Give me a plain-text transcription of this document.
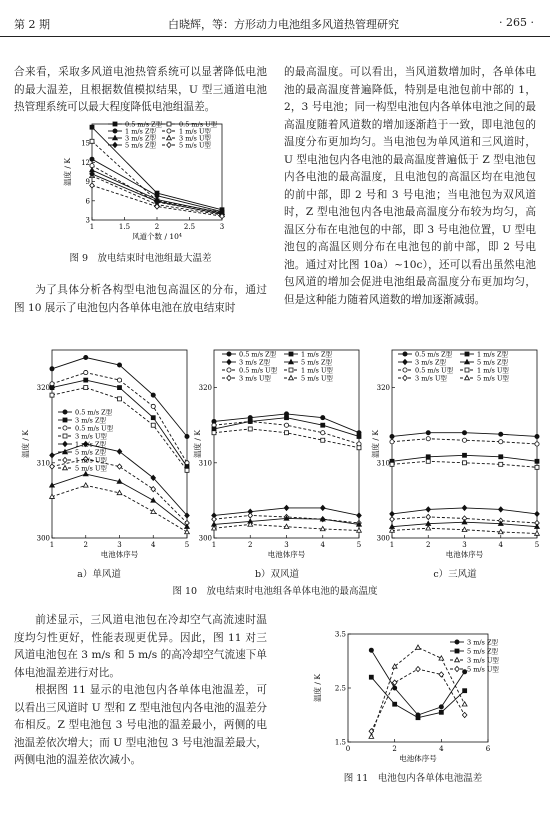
第 2 期	白晓辉，等：方形动力电池组多风道热管理研究	· 265 ·

合来看，采取多风道电池热管系统可以显著降低电池的最大温差，且根据数值模拟结果，U 型三通道电池热管理系统可以最大程度降低电池组温差。

1	1.5	2	2.5	3
3
6
9
12
15
风道个数 / 10⁴
温度 / K
0.5 m/s Z型	0.5 m/s U型
1 m/s Z型	1 m/s U型
3 m/s Z型	3 m/s U型
5 m/s Z型	5 m/s U型
图 9　放电结束时电池组最大温差

为了具体分析各构型电池包高温区的分布，通过图 10 展示了电池包内各单体电池在放电结束时

的最高温度。可以看出，当风道数增加时，各单体电池的最高温度普遍降低，特别是电池包前中部的 1，2，3 号电池；同一构型电池包内各单体电池之间的最高温度随着风道数的增加逐渐趋于一致，即电池包的温度分布更加均匀。当电池包为单风道和三风道时，U 型电池包内各电池的最高温度普遍低于 Z 型电池包内各电池的最高温度，且电池包的高温区均在电池包的前中部，即 2 号和 3 号电池；当电池包为双风道时，Z 型电池包内各电池最高温度分布较为均匀，高温区分布在电池包的中部，即 3 号电池位置，U 型电池包的高温区则分布在电池包的前中部，即 2 号电池。通过对比图 10a）~10c），还可以看出虽然电池包风道的增加会促进电池组最高温度分布更加均匀，但是这种能力随着风道数的增加逐渐减弱。

1	2	3	4	5
300
310
320
电池体序号
温度 / K
0.5 m/s Z型
3 m/s Z型
0.5 m/s U型
3 m/s U型
1 m/s Z型
5 m/s Z型
1 m/s U型
5 m/s U型
1	2	3	4	5
300
310
320
电池体序号
温度 / K
0.5 m/s Z型	1 m/s Z型
3 m/s Z型	5 m/s Z型
0.5 m/s U型	1 m/s U型
3 m/s U型	5 m/s U型
1	2	3	4	5
300
310
320
电池体序号
温度 / K
0.5 m/s Z型	1 m/s Z型
3 m/s Z型	5 m/s Z型
0.5 m/s U型	1 m/s U型
3 m/s U型	5 m/s U型
a）单风道	b）双风道	c）三风道
图 10　放电结束时电池组各单体电池的最高温度

前述显示，三风道电池包在冷却空气高流速时温度均匀性更好，性能表现更优异。因此，图 11 对三风道电池包在 3 m/s 和 5 m/s 的高冷却空气流速下单体电池温差进行对比。

根据图 11 显示的电池包内各单体电池温差，可以看出三风道时 U 型和 Z 型电池包内各电池的温差分布相反。Z 型电池包 3 号电池的温差最小，两侧的电池温差依次增大；而 U 型电池包 3 号电池温差最大，两侧电池的温差依次减小。

0	2	4	6
1.5
2.5
3.5
电池体序号
温度 / K
3 m/s Z型
5 m/s Z型
3 m/s U型
5 m/s U型
图 11　电池包内各单体电池温差
